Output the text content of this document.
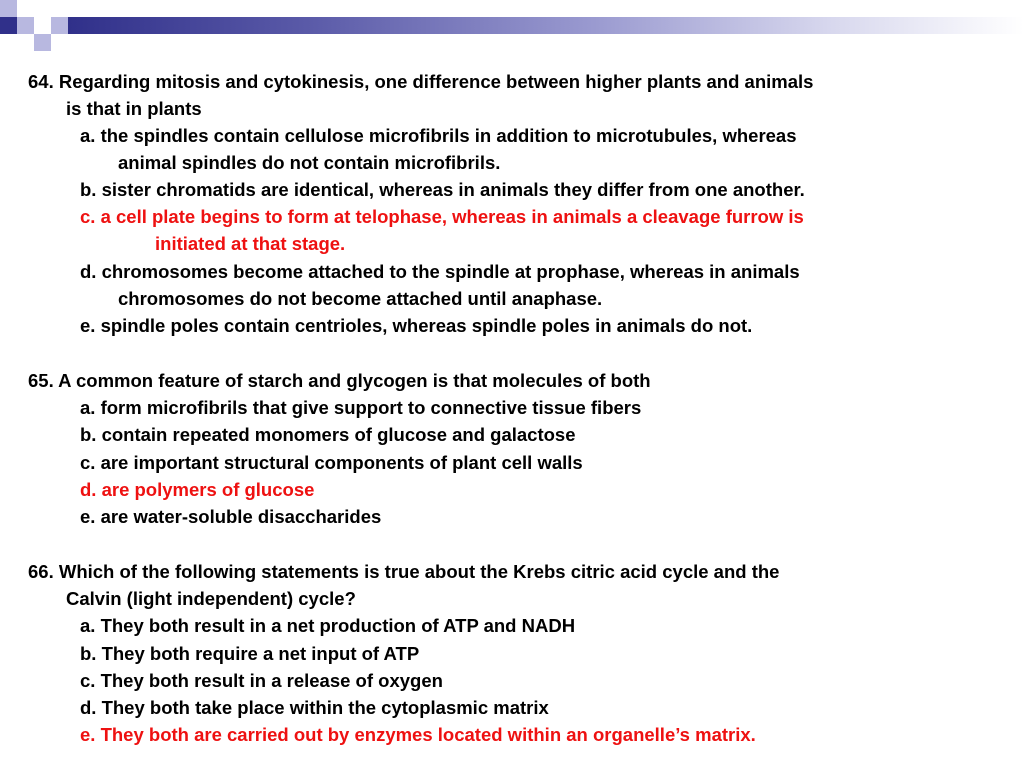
64. Regarding mitosis and cytokinesis, one difference between higher plants and animals
is that in plants
a. the spindles contain cellulose microfibrils in addition to microtubules, whereas
animal spindles do not contain microfibrils.
b. sister chromatids are identical, whereas in animals they differ from one another.
c. a cell plate begins to form at telophase, whereas in animals a cleavage furrow is
initiated at that stage.
d. chromosomes become attached to the spindle at prophase, whereas in animals
chromosomes do not become attached until anaphase.
e. spindle poles contain centrioles, whereas spindle poles in animals do not.
65. A common feature of starch and glycogen is that molecules of both
a. form microfibrils that give support to connective tissue fibers
b. contain repeated monomers of glucose and galactose
c. are important structural components of plant cell walls
d. are polymers of glucose
e. are water-soluble disaccharides
66. Which of the following statements is true about the Krebs citric acid cycle and the
Calvin (light independent) cycle?
a. They both result in a net production of ATP and NADH
b. They both require a net input of ATP
c. They both result in a release of oxygen
d. They both take place within the cytoplasmic matrix
e. They both are carried out by enzymes located within an organelle’s matrix.
